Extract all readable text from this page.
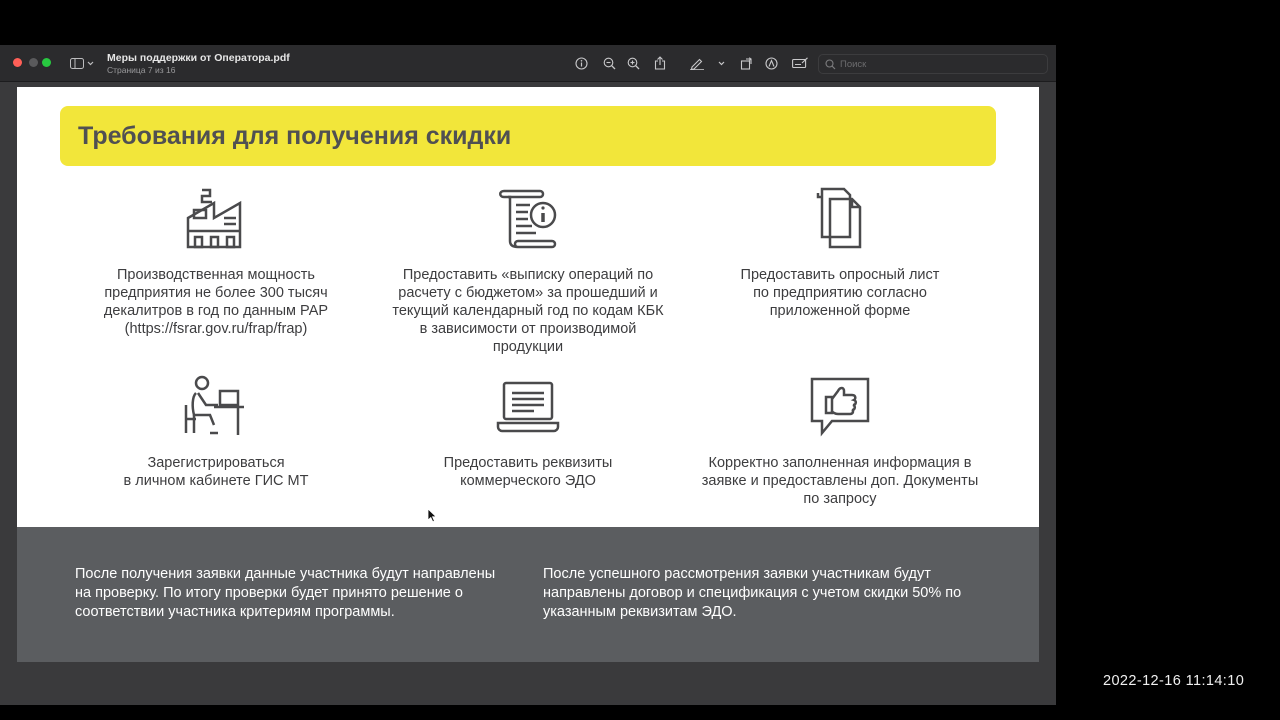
Меры поддержки от Оператора.pdf
Страница 7 из 16
Поиск
Требования для получения скидки
Производственная мощность
предприятия не более 300 тысяч
декалитров в год по данным РАР
(https://fsrar.gov.ru/frap/frap)
Предоставить «выписку операций по
расчету с бюджетом» за прошедший и
текущий календарный год по кодам КБК
в зависимости от производимой
продукции
Предоставить опросный лист
по предприятию согласно
приложенной форме
Зарегистрироваться
в личном кабинете ГИС МТ
Предоставить реквизиты
коммерческого ЭДО
Корректно заполненная информация в
заявке и предоставлены доп. Документы
по запросу
После получения заявки данные участника будут направлены
на проверку. По итогу проверки будет принято решение о
соответствии участника критериям программы.
После успешного рассмотрения заявки участникам будут
направлены договор и спецификация с учетом скидки 50% по
указанным реквизитам ЭДО.
2022-12-16 11:14:10
